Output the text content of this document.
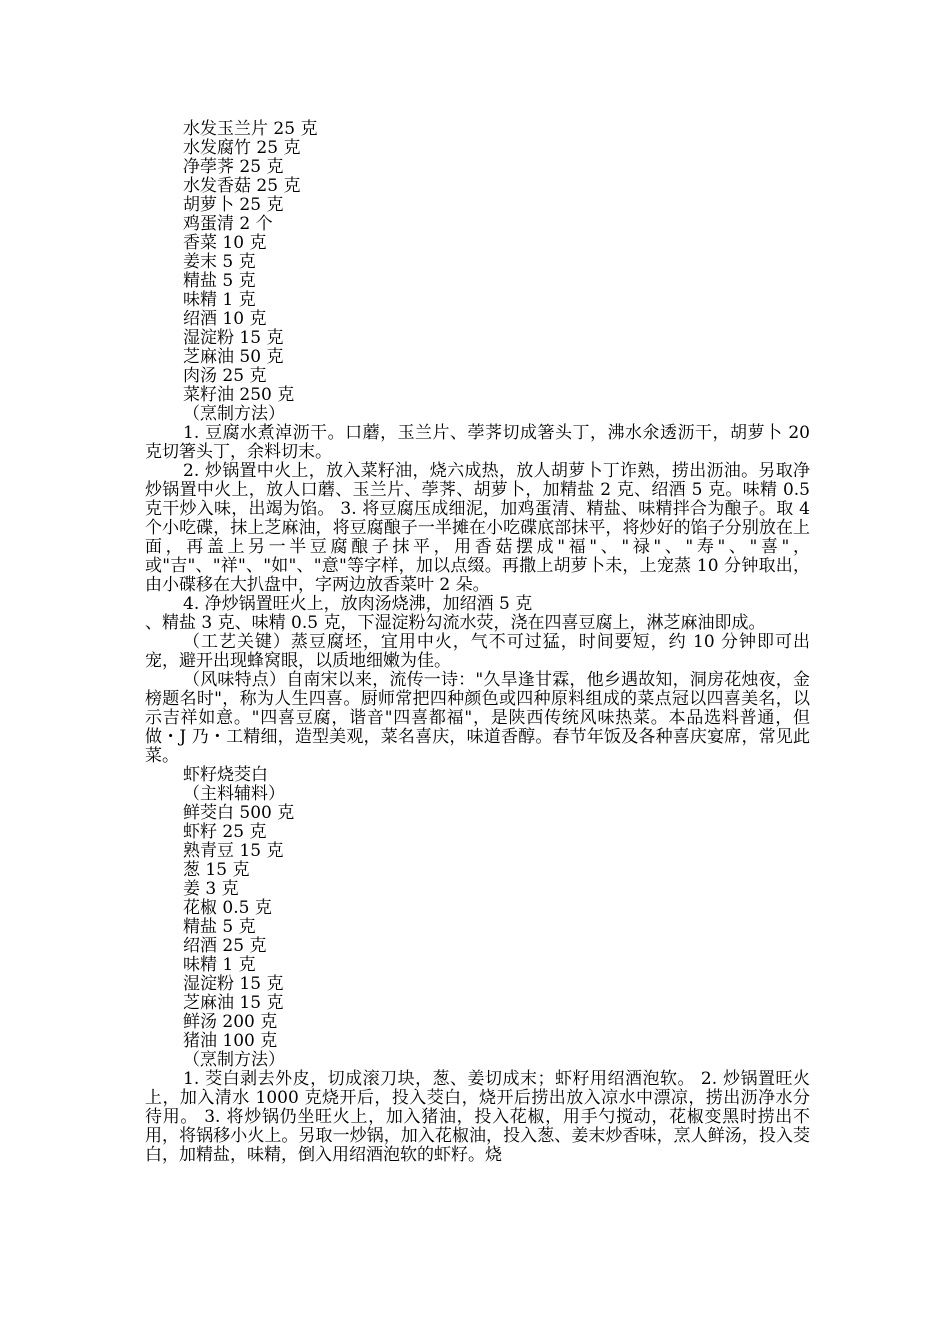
水发玉兰片 25 克
水发腐竹 25 克
净荸荠 25 克
水发香菇 25 克
胡萝卜 25 克
鸡蛋清 2 个
香菜 10 克
姜末 5 克
精盐 5 克
味精 1 克
绍酒 10 克
湿淀粉 15 克
芝麻油 50 克
肉汤 25 克
菜籽油 250 克
（烹制方法）
1. 豆腐水煮淖沥干。口蘑，玉兰片、荸荠切成箸头丁，沸水氽透沥干，胡萝卜 20 克切箸头丁，余料切末。
2. 炒锅置中火上，放入菜籽油，烧六成热，放人胡萝卜丁诈熟，捞出沥油。另取净炒锅置中火上，放人口蘑、玉兰片、荸荠、胡萝卜，加精盐 2 克、绍酒 5 克。味精 0.5 克干炒入味，出竭为馅。 3. 将豆腐压成细泥，加鸡蛋清、精盐、味精拌合为酿子。取 4 个小吃碟，抹上芝麻油，将豆腐酿子一半摊在小吃碟底部抹平，将炒好的馅子分别放在上面，再盖上另一半豆腐酿子抹平，用香菇摆成"福"、"禄"、"寿"、"喜"，或"吉"、"祥"、"如"、"意"等字样，加以点缀。再撒上胡萝卜未，上宠蒸 10 分钟取出，由小碟移在大扒盘中，字两边放香菜叶 2 朵。
4. 净炒锅置旺火上，放肉汤烧沸，加绍酒 5 克
、精盐 3 克、味精 0.5 克，下湿淀粉勾流水荧，浇在四喜豆腐上，淋芝麻油即成。
（工艺关键）蒸豆腐坯，宜用中火，气不可过猛，时间要短，约 10 分钟即可出宠，避开出现蜂窝眼，以质地细嫩为佳。
（风味特点）自南宋以来，流传一诗："久旱逢甘霖，他乡遇故知，洞房花烛夜，金榜题名时"，称为人生四喜。厨师常把四种颜色或四种原料组成的菜点冠以四喜美名，以示吉祥如意。"四喜豆腐，谐音"四喜都福"，是陕西传统风味热菜。本品选料普通，但做・J 乃・工精细，造型美观，菜名喜庆，味道香醇。春节年饭及各种喜庆宴席，常见此菜。
虾籽烧茭白
（主料辅料）
鲜茭白 500 克
虾籽 25 克
熟青豆 15 克
葱 15 克
姜 3 克
花椒 0.5 克
精盐 5 克
绍酒 25 克
味精 1 克
湿淀粉 15 克
芝麻油 15 克
鲜汤 200 克
猪油 100 克
（烹制方法）
1. 茭白剥去外皮，切成滚刀块，葱、姜切成末；虾籽用绍酒泡软。 2. 炒锅置旺火上，加入清水 1000 克烧开后，投入茭白，烧开后捞出放入凉水中漂凉，捞出沥净水分待用。 3. 将炒锅仍坐旺火上，加入猪油，投入花椒，用手勺搅动，花椒变黑时捞出不用，将锅移小火上。另取一炒锅，加入花椒油，投入葱、姜末炒香味，烹人鲜汤，投入茭白，加精盐，味精，倒入用绍酒泡软的虾籽。烧
